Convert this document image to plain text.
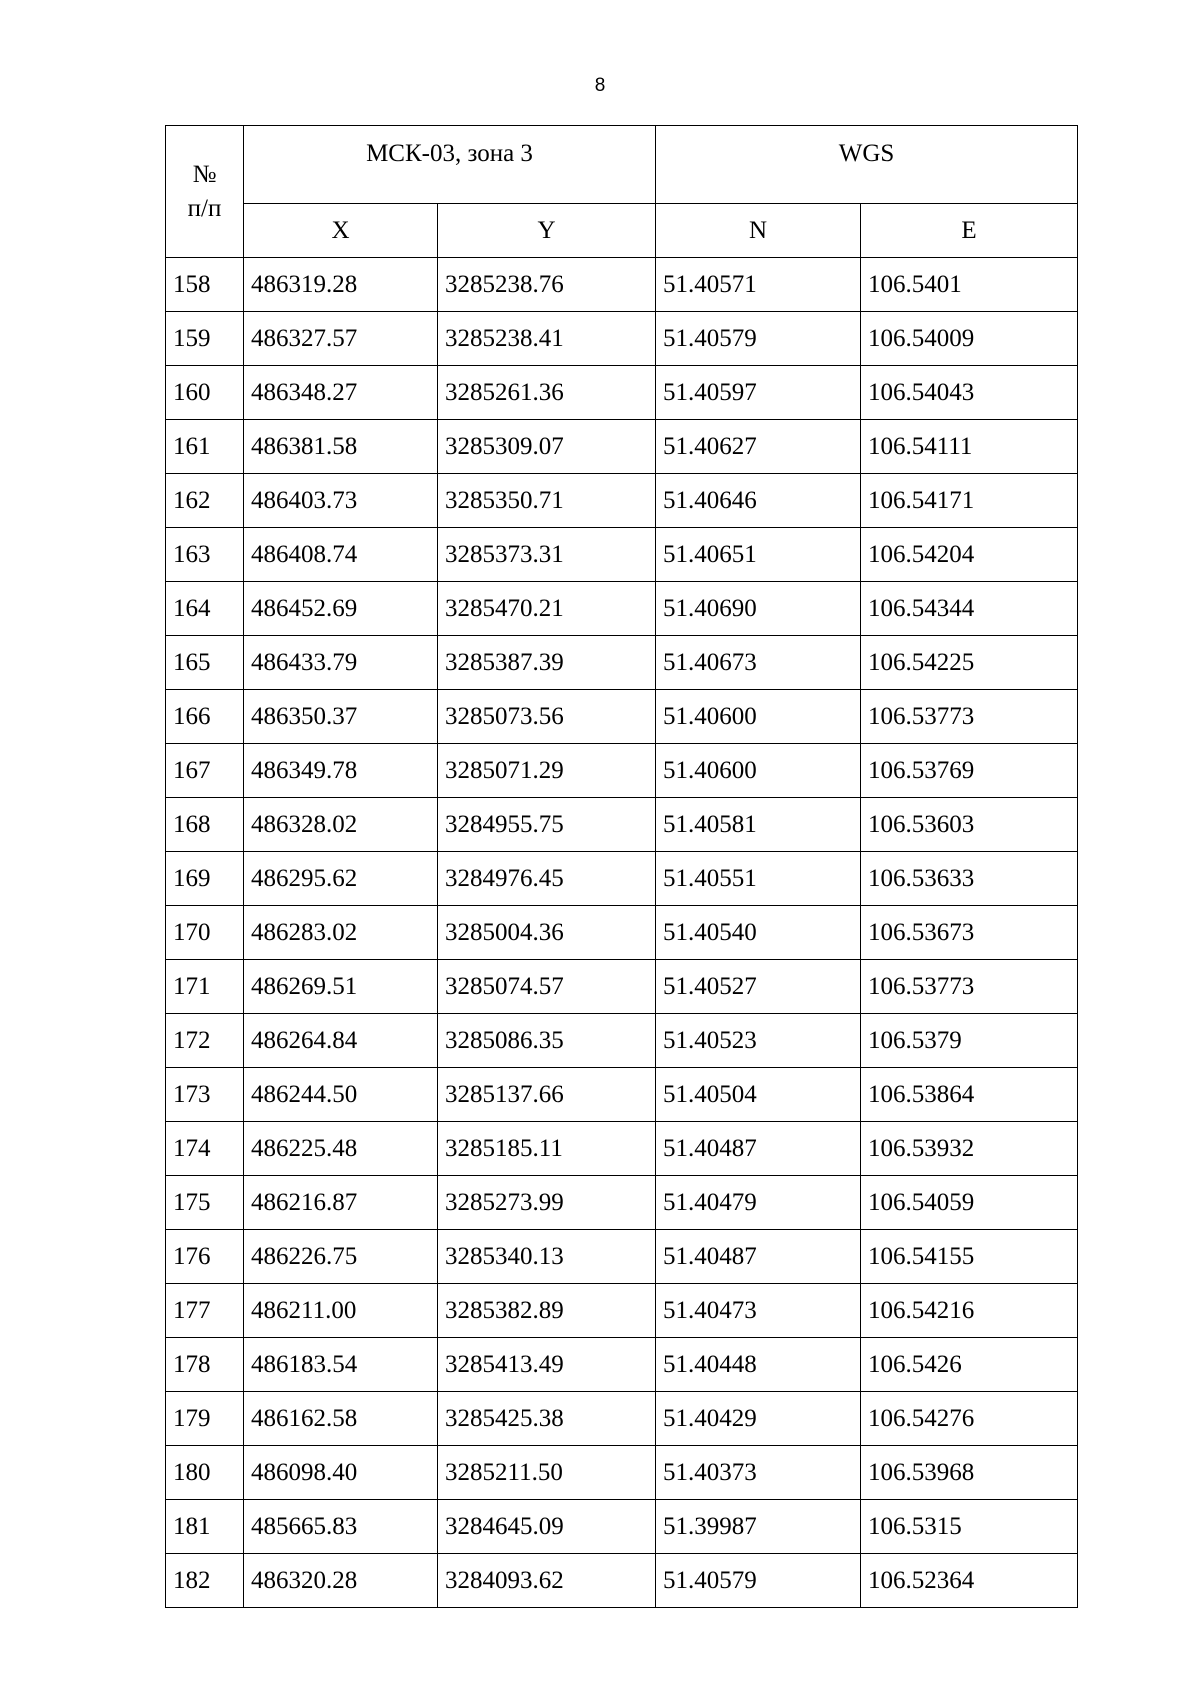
8
№
п/п	МСК-03, зона 3		WGS	
	X	Y	N	E
158	486319.28	3285238.76	51.40571	106.5401
159	486327.57	3285238.41	51.40579	106.54009
160	486348.27	3285261.36	51.40597	106.54043
161	486381.58	3285309.07	51.40627	106.54111
162	486403.73	3285350.71	51.40646	106.54171
163	486408.74	3285373.31	51.40651	106.54204
164	486452.69	3285470.21	51.40690	106.54344
165	486433.79	3285387.39	51.40673	106.54225
166	486350.37	3285073.56	51.40600	106.53773
167	486349.78	3285071.29	51.40600	106.53769
168	486328.02	3284955.75	51.40581	106.53603
169	486295.62	3284976.45	51.40551	106.53633
170	486283.02	3285004.36	51.40540	106.53673
171	486269.51	3285074.57	51.40527	106.53773
172	486264.84	3285086.35	51.40523	106.5379
173	486244.50	3285137.66	51.40504	106.53864
174	486225.48	3285185.11	51.40487	106.53932
175	486216.87	3285273.99	51.40479	106.54059
176	486226.75	3285340.13	51.40487	106.54155
177	486211.00	3285382.89	51.40473	106.54216
178	486183.54	3285413.49	51.40448	106.5426
179	486162.58	3285425.38	51.40429	106.54276
180	486098.40	3285211.50	51.40373	106.53968
181	485665.83	3284645.09	51.39987	106.5315
182	486320.28	3284093.62	51.40579	106.52364
